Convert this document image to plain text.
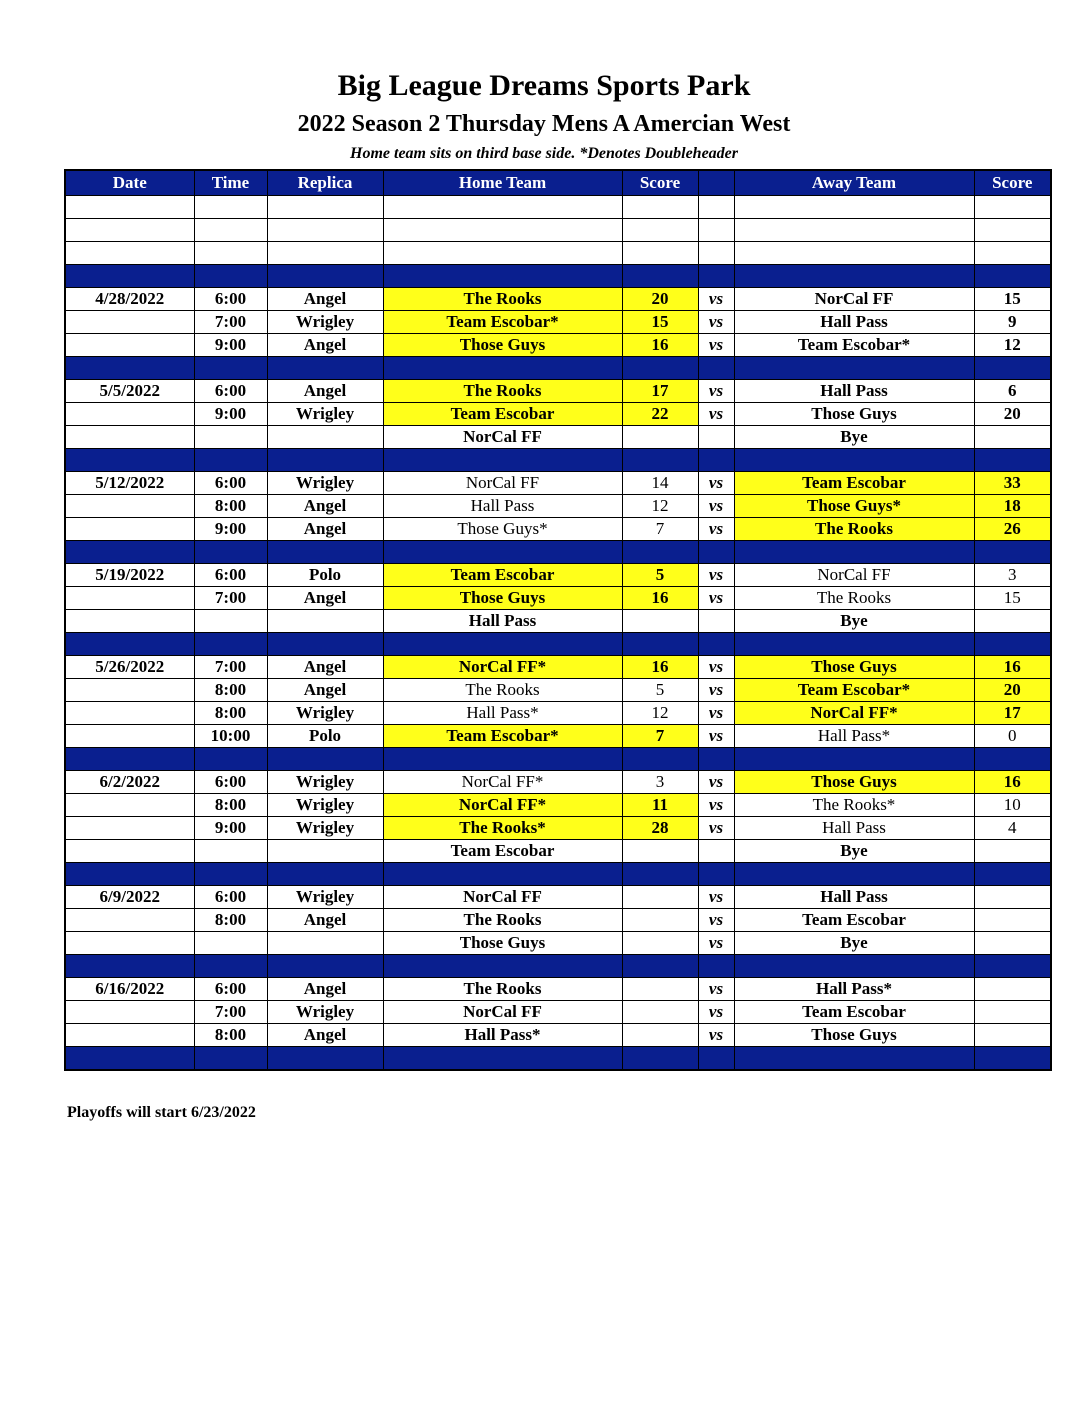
Big League Dreams Sports Park
2022 Season 2 Thursday Mens A Amercian West
Home team sits on third base side. *Denotes Doubleheader
Date	Time	Replica	Home Team	Score		Away Team	Score

4/28/2022	6:00	Angel	The Rooks	20	vs	NorCal FF	15
	7:00	Wrigley	Team Escobar*	15	vs	Hall Pass	9
	9:00	Angel	Those Guys	16	vs	Team Escobar*	12

5/5/2022	6:00	Angel	The Rooks	17	vs	Hall Pass	6
	9:00	Wrigley	Team Escobar	22	vs	Those Guys	20
			NorCal FF			Bye	

5/12/2022	6:00	Wrigley	NorCal FF	14	vs	Team Escobar	33
	8:00	Angel	Hall Pass	12	vs	Those Guys*	18
	9:00	Angel	Those Guys*	7	vs	The Rooks	26

5/19/2022	6:00	Polo	Team Escobar	5	vs	NorCal FF	3
	7:00	Angel	Those Guys	16	vs	The Rooks	15
			Hall Pass			Bye	

5/26/2022	7:00	Angel	NorCal FF*	16	vs	Those Guys	16
	8:00	Angel	The Rooks	5	vs	Team Escobar*	20
	8:00	Wrigley	Hall Pass*	12	vs	NorCal FF*	17
	10:00	Polo	Team Escobar*	7	vs	Hall Pass*	0

6/2/2022	6:00	Wrigley	NorCal FF*	3	vs	Those Guys	16
	8:00	Wrigley	NorCal FF*	11	vs	The Rooks*	10
	9:00	Wrigley	The Rooks*	28	vs	Hall Pass	4
			Team Escobar			Bye	

6/9/2022	6:00	Wrigley	NorCal FF		vs	Hall Pass	
	8:00	Angel	The Rooks		vs	Team Escobar	
			Those Guys		vs	Bye	

6/16/2022	6:00	Angel	The Rooks		vs	Hall Pass*	
	7:00	Wrigley	NorCal FF		vs	Team Escobar	
	8:00	Angel	Hall Pass*		vs	Those Guys	

Playoffs will start 6/23/2022
